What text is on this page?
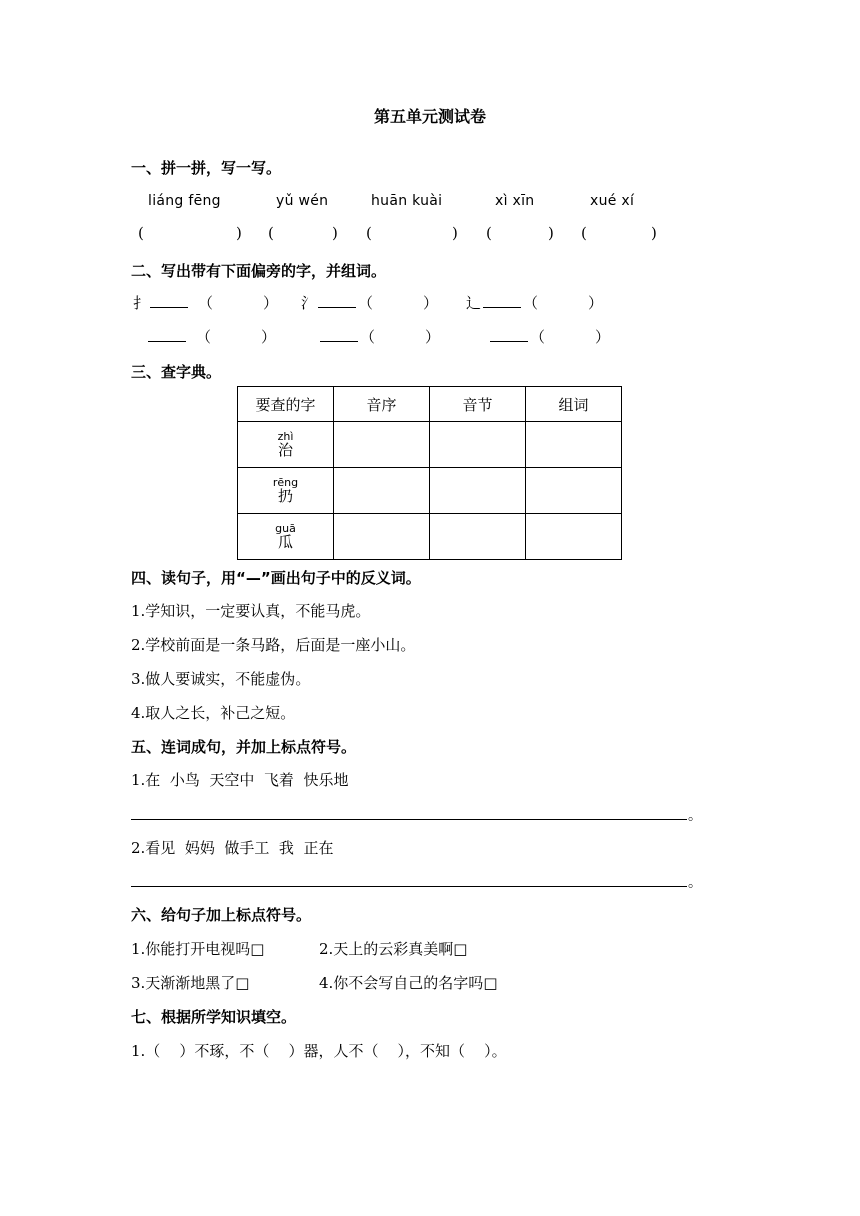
第五单元测试卷
一、拼一拼，写一写。
liáng fēng	yǔ wén	huān kuài	xì xīn	xué xí
(	) (	) (	) (	) (	)
二、写出带有下面偏旁的字，并组词。
扌	（	） 氵	（	） 辶	（	）
（	）	（	）	（	）
三、查字典。
要查的字	音序	音节	组词

zhì
治			

rēng
扔			

guā
瓜			

四、读句子，用“—”画出句子中的反义词。
1.学知识，一定要认真，不能马虎。
2.学校前面是一条马路，后面是一座小山。
3.做人要诚实，不能虚伪。
4.取人之长，补己之短。
五、连词成句，并加上标点符号。
1.在  小鸟  天空中  飞着  快乐地
。
2.看见  妈妈  做手工  我  正在
。
六、给句子加上标点符号。
1.你能打开电视吗□	2.天上的云彩真美啊□
3.天渐渐地黑了□	4.你不会写自己的名字吗□
七、根据所学知识填空。
1.（    ）不琢，不（    ）器，人不（    ），不知（    ）。
